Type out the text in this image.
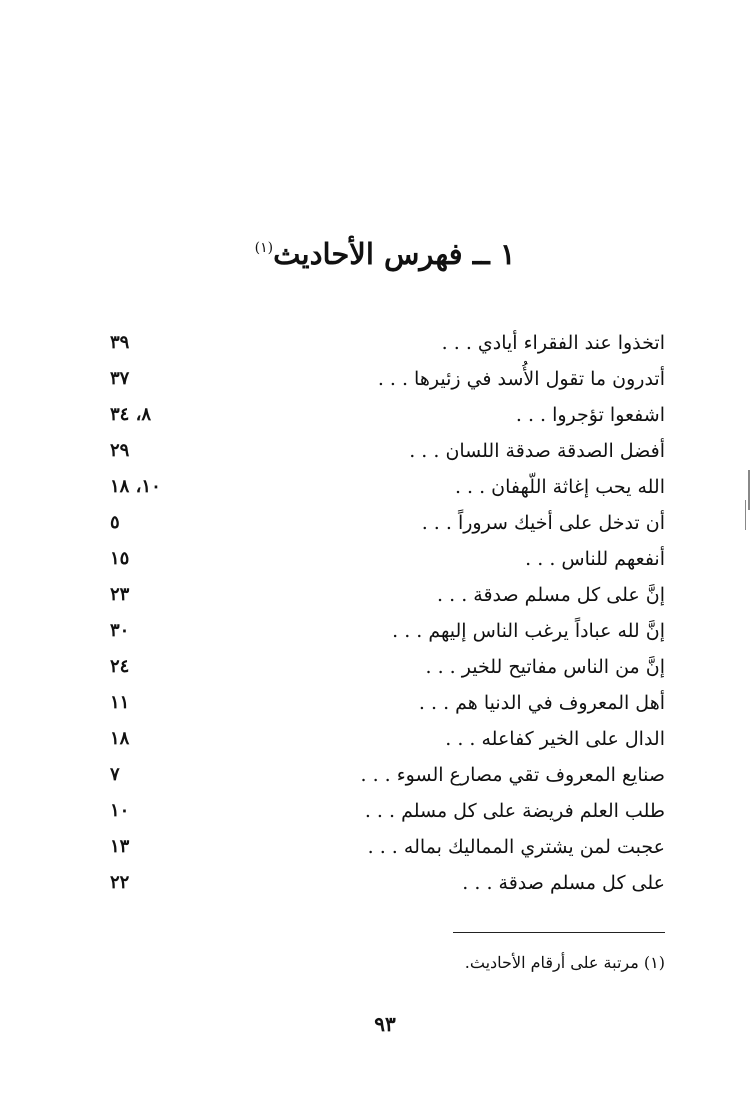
١ ــ فهرس الأحاديث$^{(١)}$
اتخذوا عند الفقراء أيادي . . .
٣٩
أتدرون ما تقول الأُسد في زئيرها . . .
٣٧
اشفعوا تؤجروا . . .
٨، ٣٤
أفضل الصدقة صدقة اللسان . . .
٢٩
الله يحب إغاثة اللّهفان . . .
١٠، ١٨
أن تدخل على أخيك سروراً . . .
٥
أنفعهم للناس . . .
١٥
إنَّ على كل مسلم صدقة . . .
٢٣
إنَّ لله عباداً يرغب الناس إليهم . . .
٣٠
إنَّ من الناس مفاتيح للخير . . .
٢٤
أهل المعروف في الدنيا هم . . .
١١
الدال على الخير كفاعله . . .
١٨
صنايع المعروف تقي مصارع السوء . . .
٧
طلب العلم فريضة على كل مسلم . . .
١٠
عجبت لمن يشتري المماليك بماله . . .
١٣
على كل مسلم صدقة . . .
٢٢
(١) مرتبة على أرقام الأحاديث.
٩٣
